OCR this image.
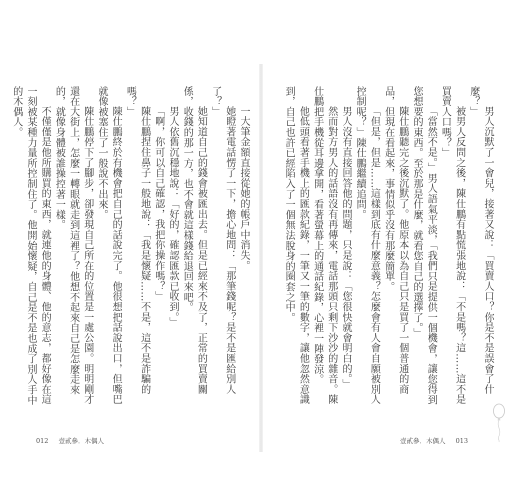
一大筆金額直接從她的帳戶中消失。

她瞪著電話愣了一下，擔心地問：「那筆錢呢？是不是匯給別人了？」

她知道自己的錢會被匯出去。但是已經來不及了，正常的買賣關係，收錢的那一方，也不會就這樣錢給退回來吧。

男人依舊沉穩地說：「好的，確認匯款已收到。」

「啊，你可以自己確認，我把你操作嗎？」

陳仕鵬捏住鼻子一般地說：「我是懷疑……不是，這不是詐騙的嗎？」

陳仕鵬終於有機會把自己的話說完了。他很想把話說出口，但嘴巴就像被塞住了一般說不出來。

陳仕鵬停下了腳步，卻發現自己所在的位置是一處公園。明明剛才還在大街上，怎麼一轉眼就走到這裡了？他想不起來自己是怎麼走來的，就像身體被誰操控著一樣。

不僅僅是他所購買的東西，就連他的身體、他的意志，都好像在這一刻被某種力量所控制住了。他開始懷疑，自己是不是也成了別人手中的木偶人。	男人沉默了一會兒，接著又說：「買賣人口？你是不是誤會了什麼？」

被男人反問之後，陳仕鵬有點慌張地說：「不是嗎？這……這不是買賣人口嗎？」

「當然不是。」男人語氣平淡，「我們只是提供一個機會，讓您得到您想要的東西。至於那是什麼，就看您自己的選擇了。」

陳仕鵬聽完之後沉默了。他原本以為自己只是買了一個普通的商品，但現在看起來，事情似乎沒有那麼簡單。

「但是，但是……這樣到底有什麼意義？怎麼會有人會自願被別人控制呢？」陳仕鵬繼續追問。

男人沒有直接回答他的問題，只是說：「您很快就會明白的。」

然而對方男人的話語沒有再傳來，電話那頭只剩下沙沙的雜音。陳仕鵬把手機從耳邊拿開，看著螢幕上的通話紀錄，心裡一陣發涼。

他低頭看著手機上的匯款紀錄，一筆又一筆的數字，讓他忽然意識到，自己也許已經陷入了一個無法脫身的圈套之中。

012 壹貳參．木偶人	壹貳參．木偶人 013
